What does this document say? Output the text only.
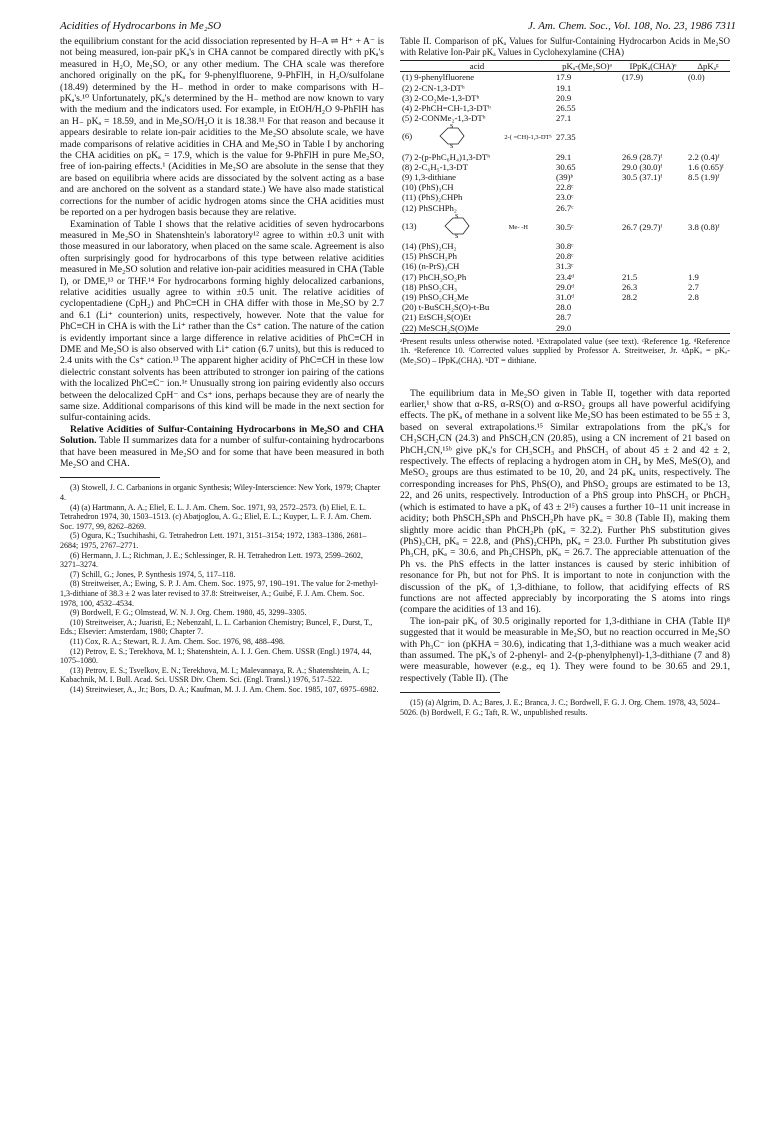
Acidities of Hydrocarbons in Me₂SO	J. Am. Chem. Soc., Vol. 108, No. 23, 1986 7311

the equilibrium constant for the acid dissociation represented by H–A ⇌ H⁺ + A⁻ is not being measured, ion-pair pKₐ's in CHA cannot be compared directly with pKₐ's measured in H₂O, Me₂SO, or any other medium. The CHA scale was therefore anchored originally on the pKₐ for 9-phenylfluorene, 9-PhFlH, in H₂O/sulfolane (18.49) determined by the H₋ method in order to make comparisons with H₋ pKₐ's.¹⁰ Unfortunately, pKₐ's determined by the H₋ method are now known to vary with the medium and the indicators used. For example, in EtOH/H₂O 9-PhFlH has an H₋ pKₐ = 18.59, and in Me₂SO/H₂O it is 18.38.¹¹ For that reason and because it appears desirable to relate ion-pair acidities to the Me₂SO absolute scale, we have made comparisons of relative acidities in CHA and Me₂SO in Table I by anchoring the CHA acidities on pKₐ = 17.9, which is the value for 9-PhFlH in pure Me₂SO, free of ion-pairing effects.¹ (Acidities in Me₂SO are absolute in the sense that they are based on equilibria where acids are dissociated by the solvent acting as a base and are anchored on the solvent as a standard state.) We have also made statistical corrections for the number of acidic hydrogen atoms since the CHA acidities must be reported on a per hydrogen basis because they are relative.

Examination of Table I shows that the relative acidities of seven hydrocarbons measured in Me₂SO in Shatenshtein's laboratory¹² agree to within ±0.3 unit with those measured in our laboratory, when placed on the same scale. Agreement is also often surprisingly good for hydrocarbons of this type between relative acidities measured in Me₂SO solution and relative ion-pair acidities measured in CHA (Table I), or DME,¹³ or THF.¹⁴ For hydrocarbons forming highly delocalized carbanions, relative acidities usually agree to within ±0.5 unit. The relative acidities of cyclopentadiene (CpH₂) and PhC≡CH in CHA differ with those in Me₂SO by 2.7 and 6.1 (Li⁺ counterion) units, respectively, however. Note that the value for PhC≡CH in CHA is with the Li⁺ rather than the Cs⁺ cation. The nature of the cation is evidently important since a large difference in relative acidities of PhC≡CH in DME and Me₂SO is also observed with Li⁺ cation (6.7 units), but this is reduced to 2.4 units with the Cs⁺ cation.¹³ The apparent higher acidity of PhC≡CH in these low dielectric constant solvents has been attributed to stronger ion pairing of the cations with the localized PhC≡C⁻ ion.¹ᵉ Unusually strong ion pairing evidently also occurs between the delocalized CpH⁻ and Cs⁺ ions, perhaps because they are of nearly the same size. Additional comparisons of this kind will be made in the next section for sulfur-containing acids.

Relative Acidities of Sulfur-Containing Hydrocarbons in Me₂SO and CHA Solution. Table II summarizes data for a number of sulfur-containing hydrocarbons that have been measured in Me₂SO and for some that have been measured in both Me₂SO and CHA.

(3) Stowell, J. C. Carbanions in organic Synthesis; Wiley-Interscience: New York, 1979; Chapter 4.
(4) (a) Hartmann, A. A.; Eliel, E. L. J. Am. Chem. Soc. 1971, 93, 2572–2573. (b) Eliel, E. L. Tetrahedron 1974, 30, 1503–1513. (c) Abatjoglou, A. G.; Eliel, E. L.; Kuyper, L. F. J. Am. Chem. Soc. 1977, 99, 8262–8269.
(5) Ogura, K.; Tsuchihashi, G. Tetrahedron Lett. 1971, 3151–3154; 1972, 1383–1386, 2681–2684; 1975, 2767–2771.
(6) Hermann, J. L.; Richman, J. E.; Schlessinger, R. H. Tetrahedron Lett. 1973, 2599–2602, 3271–3274.
(7) Schill, G.; Jones, P. Synthesis 1974, 5, 117–118.
(8) Streitweiser, A.; Ewing, S. P. J. Am. Chem. Soc. 1975, 97, 190–191. The value for 2-methyl-1,3-dithiane of 38.3 ± 2 was later revised to 37.8: Streitweiser, A.; Guibé, F. J. Am. Chem. Soc. 1978, 100, 4532–4534.
(9) Bordwell, F. G.; Olmstead, W. N. J. Org. Chem. 1980, 45, 3299–3305.
(10) Streitweiser, A.; Juaristi, E.; Nebenzahl, L. L. Carbanion Chemistry; Buncel, F., Durst, T., Eds.; Elsevier: Amsterdam, 1980; Chapter 7.
(11) Cox, R. A.; Stewart, R. J. Am. Chem. Soc. 1976, 98, 488–498.
(12) Petrov, E. S.; Terekhova, M. I.; Shatenshtein, A. I. J. Gen. Chem. USSR (Engl.) 1974, 44, 1075–1080.
(13) Petrov, E. S.; Tsvelkov, E. N.; Terekhova, M. I.; Malevannaya, R. A.; Shatenshtein, A. I.; Kabachnik, M. I. Bull. Acad. Sci. USSR Div. Chem. Sci. (Engl. Transl.) 1976, 517–522.
(14) Streitwieser, A., Jr.; Bors, D. A.; Kaufman, M. J. J. Am. Chem. Soc. 1985, 107, 6975–6982.
Table II. Comparison of pKₐ Values for Sulfur-Containing Hydrocarbon Acids in Me₂SO with Relative Ion-Pair pKₐ Values in Cyclohexylamine (CHA)

acid	pKₐ-(Me₂SO)ᵃ	IPpKₐ(CHA)ᵉ	ΔpKₐᵍ
(1) 9-phenylfluorene	17.9	(17.9)	(0.0)
(2) 2-CN-1,3-DTʰ	19.1		
(3) 2-CO₂Me-1,3-DTʰ	20.9		
(4) 2-PhCH=CH-1,3-DTʰ	26.55		
(5) 2-CONMe₂-1,3-DTʰ	27.1		
(6)
S
S
2-( =CH)-1,3-DTʰ	27.35		
(7) 2-(p-PhC₆H₄)1,3-DTʰ	29.1	26.9 (28.7)ᶠ	2.2 (0.4)ᶠ
(8) 2-C₆H₅-1,3-DT	30.65	29.0 (30.0)ᶠ	1.6 (0.65)ᶠ
(9) 1,3-dithiane	(39)ᵇ	30.5 (37.1)ᶠ	8.5 (1.9)ᶠ
(10) (PhS)₃CH	22.8ᶜ		
(11) (PhS)₂CHPh	23.0ᶜ		
(12) PhSCHPh₂	26.7ᶜ		
(13)
S
S
Me- -H	30.5ᶜ	26.7 (29.7)ᶠ	3.8 (0.8)ᶠ
(14) (PhS)₂CH₂	30.8ᶜ		
(15) PhSCH₂Ph	20.8ᶜ		
(16) (n-PrS)₃CH	31.3ᶜ		
(17) PhCH₂SO₂Ph	23.4ᵈ	21.5	1.9
(18) PhSO₂CH₃	29.0ᵈ	26.3	2.7
(19) PhSO₂CH₂Me	31.0ᵈ	28.2	2.8
(20) t-BuSCH₂S(O)-t-Bu	28.0		
(21) EtSCH₂S(O)Et	28.7		
(22) MeSCH₂S(O)Me	29.0		
ᵃPresent results unless otherwise noted. ᵇExtrapolated value (see text). ᶜReference 1g. ᵈReference 1h. ᵉReference 10. ᶠCorrected values supplied by Professor A. Streitweiser, Jr. ᵍΔpKₐ = pKₐ-(Me₂SO) – IPpKₐ(CHA). ʰDT = dithiane.

The equilibrium data in Me₂SO given in Table II, together with data reported earlier,¹ show that α-RS, α-RS(O) and α-RSO₂ groups all have powerful acidifying effects. The pKₐ of methane in a solvent like Me₂SO has been estimated to be 55 ± 3, based on several extrapolations.¹⁵ Similar extrapolations from the pKₐ's for CH₃SCH₂CN (24.3) and PhSCH₂CN (20.85), using a CN increment of 21 based on PhCH₂CN,¹⁵ᵇ give pKₐ's for CH₃SCH₃ and PhSCH₃ of about 45 ± 2 and 42 ± 2, respectively. The effects of replacing a hydrogen atom in CH₄ by MeS, MeS(O), and MeSO₂ groups are thus estimated to be 10, 20, and 24 pKₐ units, respectively. The corresponding increases for PhS, PhS(O), and PhSO₂ groups are estimated to be 13, 22, and 26 units, respectively. Introduction of a PhS group into PhSCH₃ or PhCH₃ (which is estimated to have a pKₐ of 43 ± 2¹⁵) causes a further 10–11 unit increase in acidity; both PhSCH₂SPh and PhSCH₂Ph have pKₐ = 30.8 (Table II), making them slightly more acidic than PhCH₂Ph (pKₐ = 32.2). Further PhS substitution gives (PhS)₃CH, pKₐ = 22.8, and (PhS)₂CHPh, pKₐ = 23.0. Further Ph substitution gives Ph₃CH, pKₐ = 30.6, and Ph₂CHSPh, pKₐ = 26.7. The appreciable attenuation of the Ph vs. the PhS effects in the latter instances is caused by steric inhibition of resonance for Ph, but not for PhS. It is important to note in conjunction with the discussion of the pKₐ of 1,3-dithiane, to follow, that acidifying effects of RS functions are not affected appreciably by incorporating the S atoms into rings (compare the acidities of 13 and 16).

The ion-pair pKₐ of 30.5 originally reported for 1,3-dithiane in CHA (Table II)⁸ suggested that it would be measurable in Me₂SO, but no reaction occurred in Me₂SO with Ph₃C⁻ ion (pKHA = 30.6), indicating that 1,3-dithiane was a much weaker acid than assumed. The pKₐ's of 2-phenyl- and 2-(p-phenylphenyl)-1,3-dithiane (7 and 8) were measurable, however (e.g., eq 1). They were found to be 30.65 and 29.1, respectively (Table II). (The

(15) (a) Algrim, D. A.; Bares, J. E.; Branca, J. C.; Bordwell, F. G. J. Org. Chem. 1978, 43, 5024–5026. (b) Bordwell, F. G.; Taft, R. W., unpublished results.
